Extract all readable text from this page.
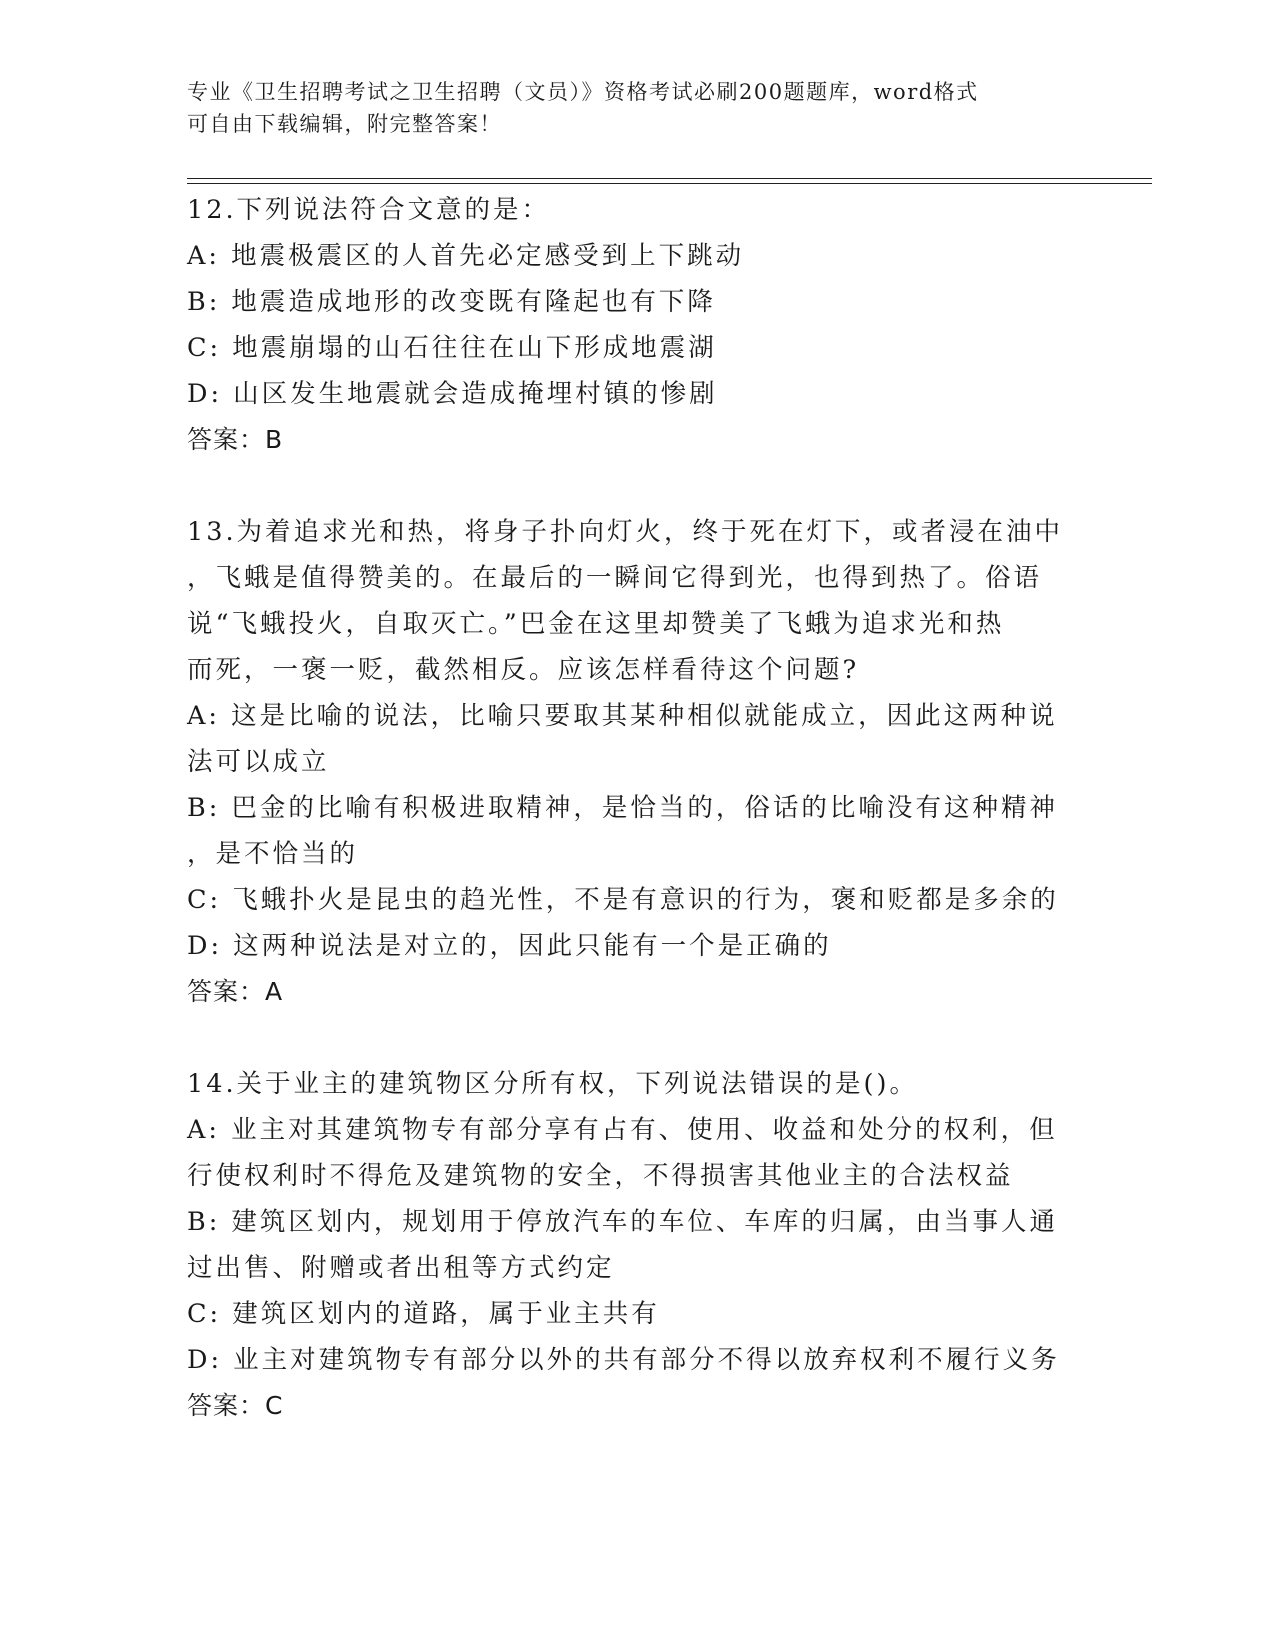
专业《卫生招聘考试之卫生招聘（文员）》资格考试必刷200题题库，word格式
可自由下载编辑，附完整答案！

12.下列说法符合文意的是：

A: 地震极震区的人首先必定感受到上下跳动

B: 地震造成地形的改变既有隆起也有下降

C: 地震崩塌的山石往往在山下形成地震湖

D: 山区发生地震就会造成掩埋村镇的惨剧

答案：B

13.为着追求光和热，将身子扑向灯火，终于死在灯下，或者浸在油中

，飞蛾是值得赞美的。在最后的一瞬间它得到光，也得到热了。俗语

说“飞蛾投火，自取灭亡。”巴金在这里却赞美了飞蛾为追求光和热

而死，一褒一贬，截然相反。应该怎样看待这个问题?

A: 这是比喻的说法，比喻只要取其某种相似就能成立，因此这两种说

法可以成立

B: 巴金的比喻有积极进取精神，是恰当的，俗话的比喻没有这种精神

，是不恰当的

C: 飞蛾扑火是昆虫的趋光性，不是有意识的行为，褒和贬都是多余的

D: 这两种说法是对立的，因此只能有一个是正确的

答案：A

14.关于业主的建筑物区分所有权，下列说法错误的是()。

A: 业主对其建筑物专有部分享有占有、使用、收益和处分的权利，但

行使权利时不得危及建筑物的安全，不得损害其他业主的合法权益

B: 建筑区划内，规划用于停放汽车的车位、车库的归属，由当事人通

过出售、附赠或者出租等方式约定

C: 建筑区划内的道路，属于业主共有

D: 业主对建筑物专有部分以外的共有部分不得以放弃权利不履行义务

答案：C
